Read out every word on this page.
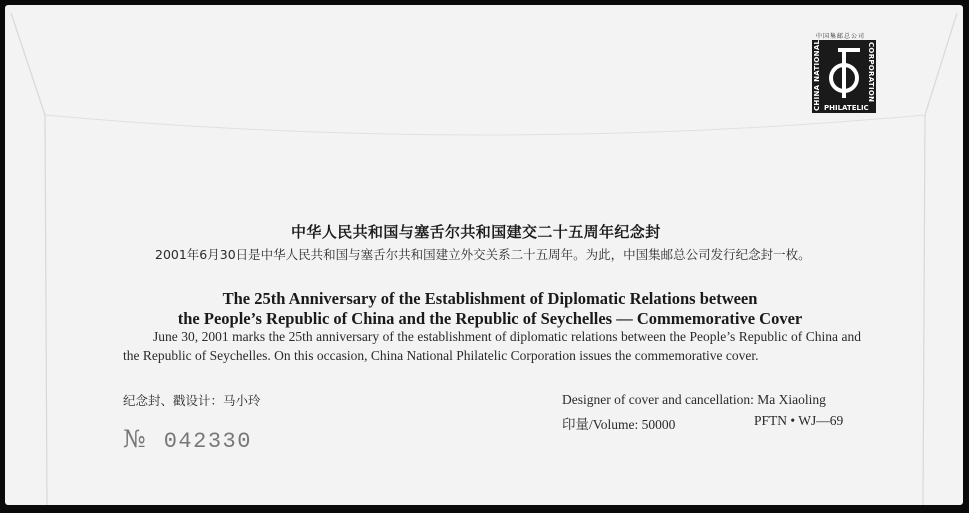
中国集邮总公司
CHINA NATIONAL	CORPORATION
PHILATELIC
中华人民共和国与塞舌尔共和国建交二十五周年纪念封
2001年6月30日是中华人民共和国与塞舌尔共和国建立外交关系二十五周年。为此，中国集邮总公司发行纪念封一枚。
The 25th Anniversary of the Establishment of Diplomatic Relations between
the People’s Republic of China and the Republic of Seychelles — Commemorative Cover
June 30, 2001 marks the 25th anniversary of the establishment of diplomatic relations between the People’s Republic of China and the Republic of Seychelles. On this occasion, China National Philatelic Corporation issues the commemorative cover.
纪念封、戳设计：马小玲	Designer of cover and cancellation: Ma Xiaoling
印量/Volume: 50000	PFTN • WJ—69
№ 042330
